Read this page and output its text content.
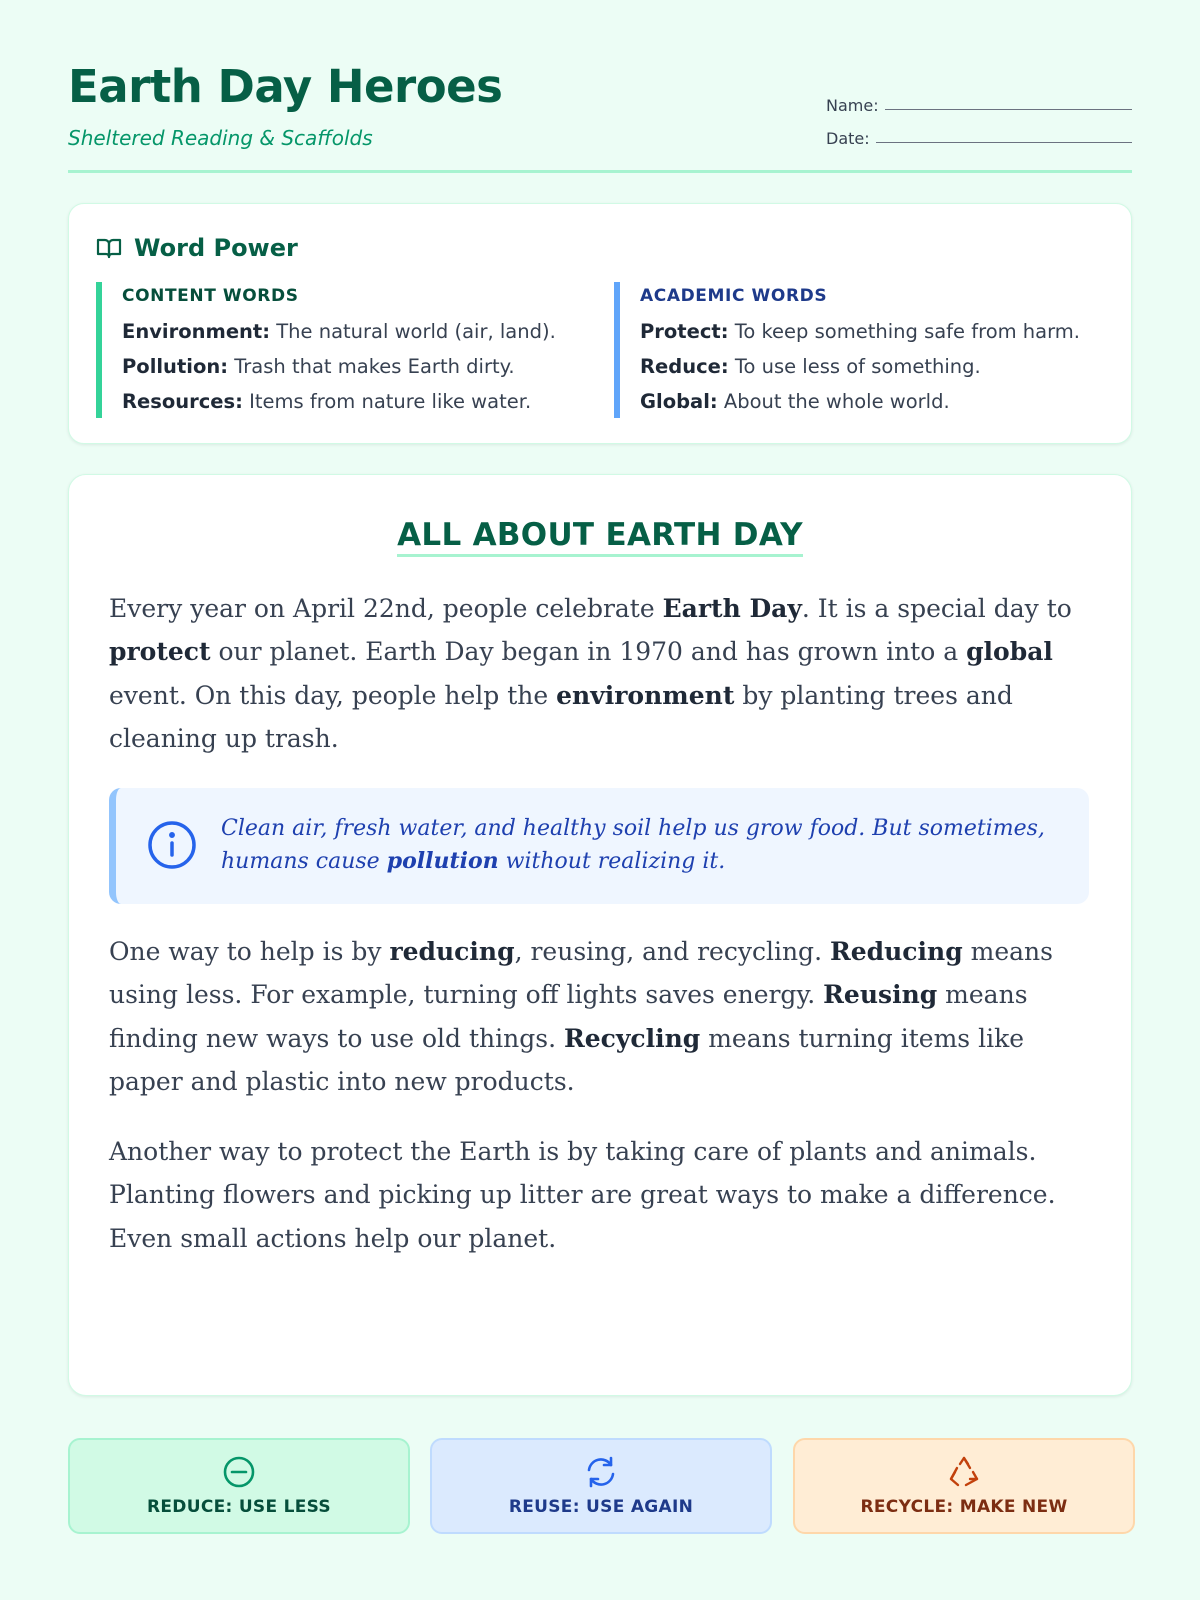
Earth Day Heroes

Sheltered Reading & Scaffolds

Name:
Date:
Word Power
CONTENT WORDS
Environment: The natural world (air, land).
Pollution: Trash that makes Earth dirty.
Resources: Items from nature like water.
ACADEMIC WORDS
Protect: To keep something safe from harm.
Reduce: To use less of something.
Global: About the whole world.
ALL ABOUT EARTH DAY

Every year on April 22nd, people celebrate Earth Day. It is a special day to protect our planet. Earth Day began in 1970 and has grown into a global event. On this day, people help the environment by planting trees and cleaning up trash.

Clean air, fresh water, and healthy soil help us grow food. But sometimes, humans cause pollution without realizing it.

One way to help is by reducing, reusing, and recycling. Reducing means using less. For example, turning off lights saves energy. Reusing means finding new ways to use old things. Recycling means turning items like paper and plastic into new products.

Another way to protect the Earth is by taking care of plants and animals. Planting flowers and picking up litter are great ways to make a difference. Even small actions help our planet.

REDUCE: USE LESS	REUSE: USE AGAIN	RECYCLE: MAKE NEW
